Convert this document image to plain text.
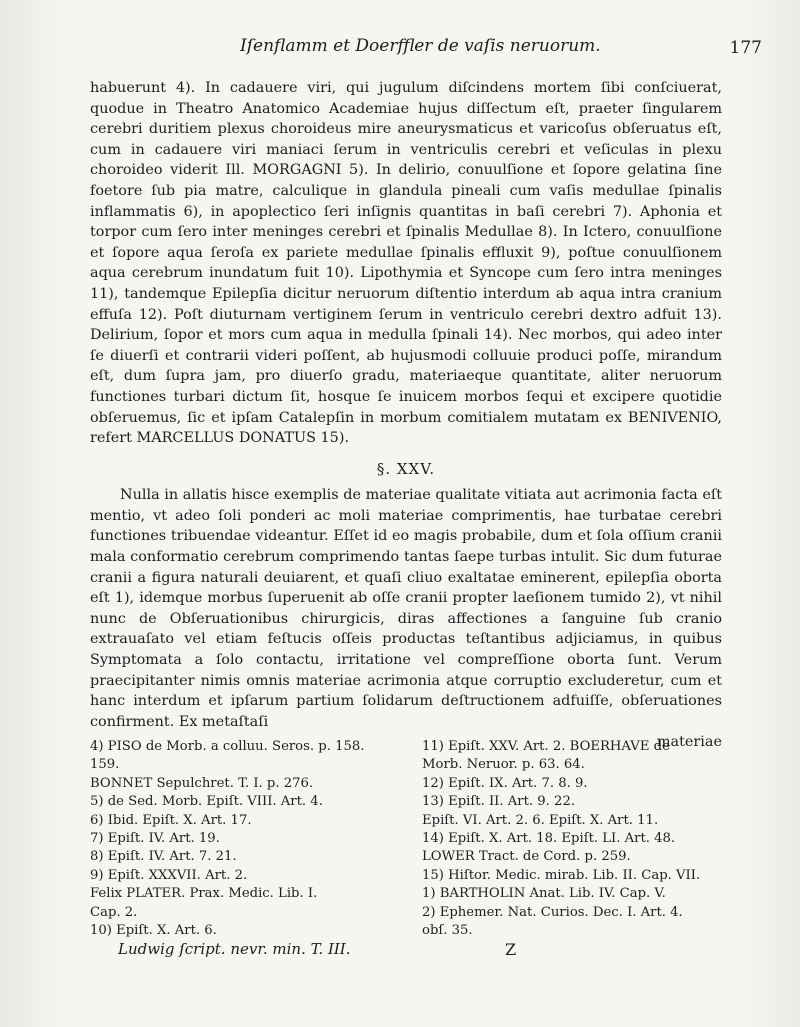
Iſenflamm et Doerffler de vaſis neruorum.	177

habuerunt 4). In cadauere viri, qui jugulum diſcindens mortem ſibi conſciuerat, quodue in Theatro Anatomico Academiae hujus diſſectum eſt, praeter ſingularem cerebri duritiem plexus choroideus mire aneurysmaticus et varicoſus obſeruatus eſt, cum in cadauere viri maniaci ſerum in ventriculis cerebri et veſiculas in plexu choroideo viderit Ill. MORGAGNI 5). In delirio, conuulſione et ſopore gelatina ſine foetore ſub pia matre, calculique in glandula pineali cum vaſis medullae ſpinalis inflammatis 6), in apoplectico ſeri inſignis quantitas in baſi cerebri 7). Aphonia et torpor cum ſero inter meninges cerebri et ſpinalis Medullae 8). In Ictero, conuulſione et ſopore aqua ſeroſa ex pariete medullae ſpinalis effluxit 9), poſtue conuulſionem aqua cerebrum inundatum fuit 10). Lipothymia et Syncope cum ſero intra meninges 11), tandemque Epilepſia dicitur neruorum diſtentio interdum ab aqua intra cranium effuſa 12). Poſt diuturnam vertiginem ſerum in ventriculo cerebri dextro adfuit 13). Delirium, ſopor et mors cum aqua in medulla ſpinali 14). Nec morbos, qui adeo inter ſe diuerſi et contrarii videri poſſent, ab hujusmodi colluuie produci poſſe, mirandum eſt, dum ſupra jam, pro diuerſo gradu, materiaeque quantitate, aliter neruorum functiones turbari dictum ſit, hosque ſe inuicem morbos ſequi et excipere quotidie obſeruemus, ſic et ipſam Catalepſin in morbum comitialem mutatam ex BENIVENIO, refert MARCELLUS DONATUS 15).

§. XXV.

Nulla in allatis hisce exemplis de materiae qualitate vitiata aut acrimonia facta eſt mentio, vt adeo ſoli ponderi ac moli materiae comprimentis, hae turbatae cerebri functiones tribuendae videantur. Eſſet id eo magis probabile, dum et ſola oſſium cranii mala conformatio cerebrum comprimendo tantas ſaepe turbas intulit. Sic dum futurae cranii a figura naturali deuiarent, et quaſi cliuo exaltatae eminerent, epilepſia oborta eſt 1), idemque morbus ſuperuenit ab oſſe cranii propter laeſionem tumido 2), vt nihil nunc de Obſeruationibus chirurgicis, diras affectiones a ſanguine ſub cranio extrauaſato vel etiam feſtucis oſſeis productas teſtantibus adjiciamus, in quibus Symptomata a ſolo contactu, irritatione vel compreſſione oborta ſunt. Verum praecipitanter nimis omnis materiae acrimonia atque corruptio excluderetur, cum et hanc interdum et ipſarum partium ſolidarum deſtructionem adfuiſſe, obſeruationes confirment. Ex metaſtaſi

materiae

4) PISO de Morb. a colluu. Seros. p. 158.
159.
BONNET Sepulchret. T. I. p. 276.
5) de Sed. Morb. Epiſt. VIII. Art. 4.
6) Ibid. Epiſt. X. Art. 17.
7) Epiſt. IV. Art. 19.
8) Epiſt. IV. Art. 7. 21.
9) Epiſt. XXXVII. Art. 2.
Felix PLATER. Prax. Medic. Lib. I.
Cap. 2.
10) Epiſt. X. Art. 6.
11) Epiſt. XXV. Art. 2. BOERHAVE de
Morb. Neruor. p. 63. 64.
12) Epiſt. IX. Art. 7. 8. 9.
13) Epiſt. II. Art. 9. 22.
Epiſt. VI. Art. 2. 6. Epiſt. X. Art. 11.
14) Epiſt. X. Art. 18. Epiſt. LI. Art. 48.
LOWER Tract. de Cord. p. 259.
15) Hiſtor. Medic. mirab. Lib. II. Cap. VII.
1) BARTHOLIN Anat. Lib. IV. Cap. V.
2) Ephemer. Nat. Curios. Dec. I. Art. 4.
obſ. 35.
Ludwig ſcript. nevr. min. T. III.	Z
